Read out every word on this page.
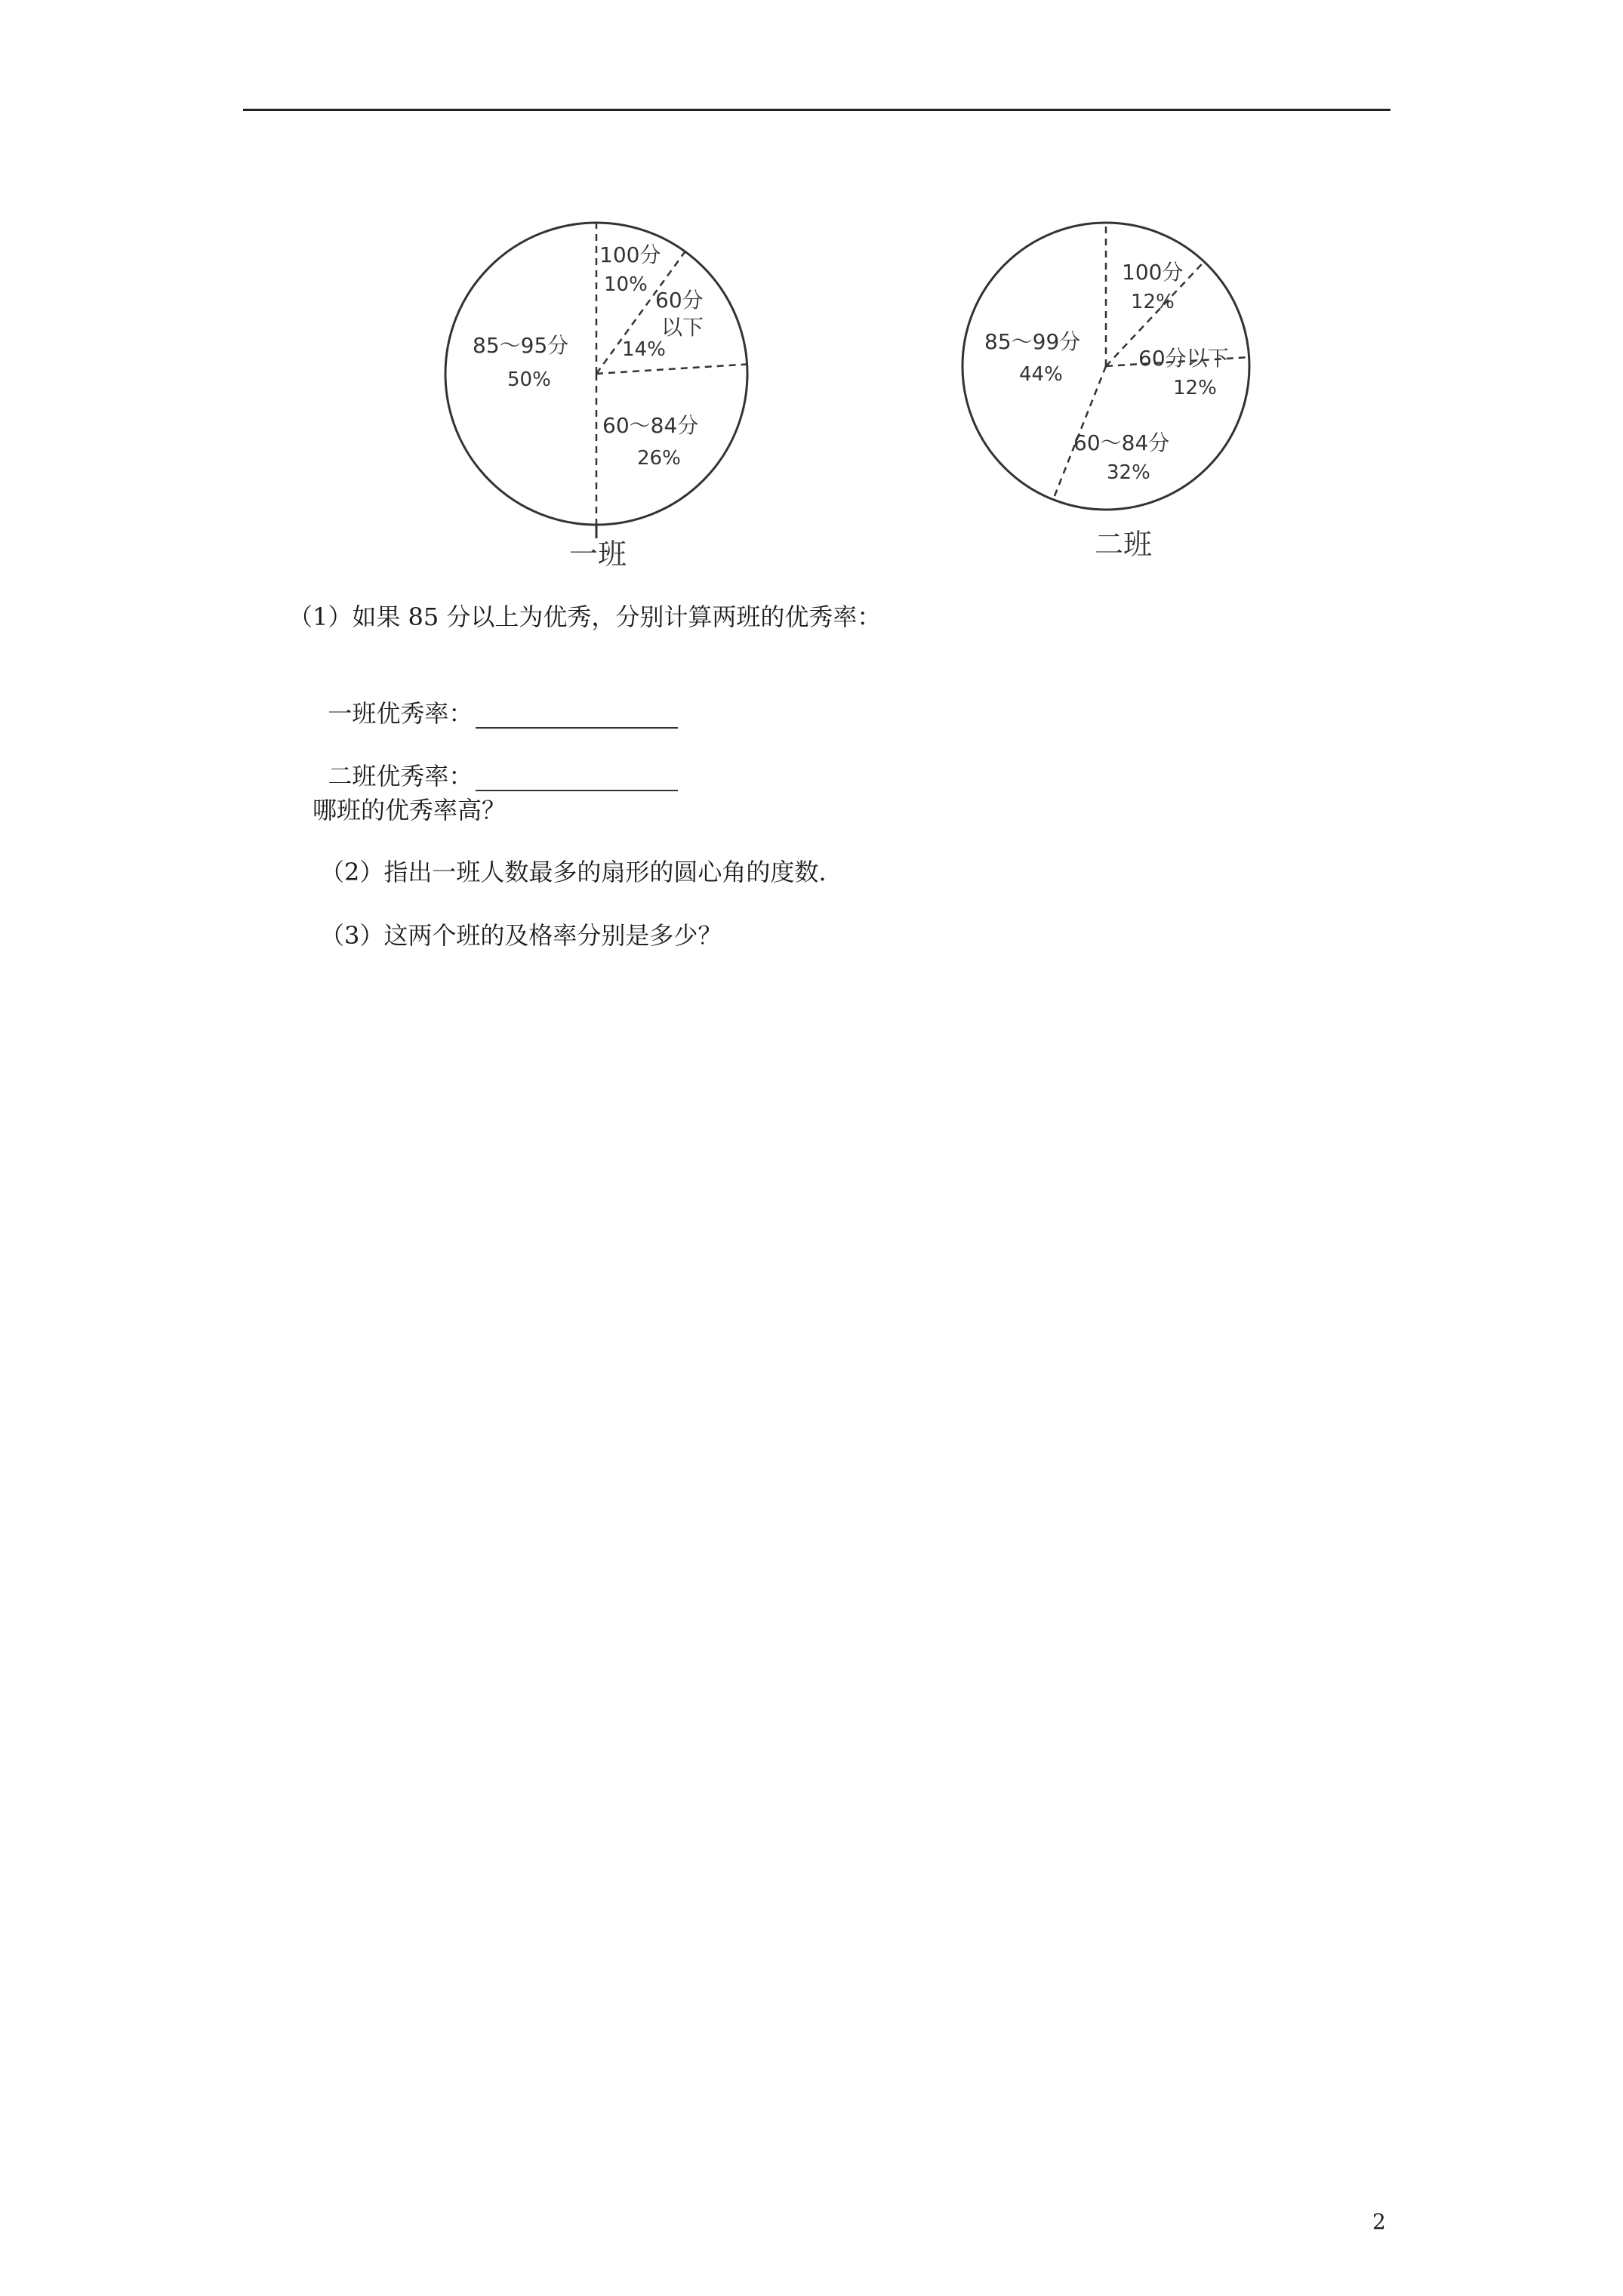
100分
10%
60分
以下
14%
85～95分
50%
60～84分
26%
一班
100分
12%
60分以下
12%
85～99分
44%
60～84分
32%
二班
（1）如果 85 分以上为优秀，分别计算两班的优秀率：

一班优秀率：

二班优秀率：

哪班的优秀率高？
（2）指出一班人数最多的扇形的圆心角的度数.
（3）这两个班的及格率分别是多少？
2
